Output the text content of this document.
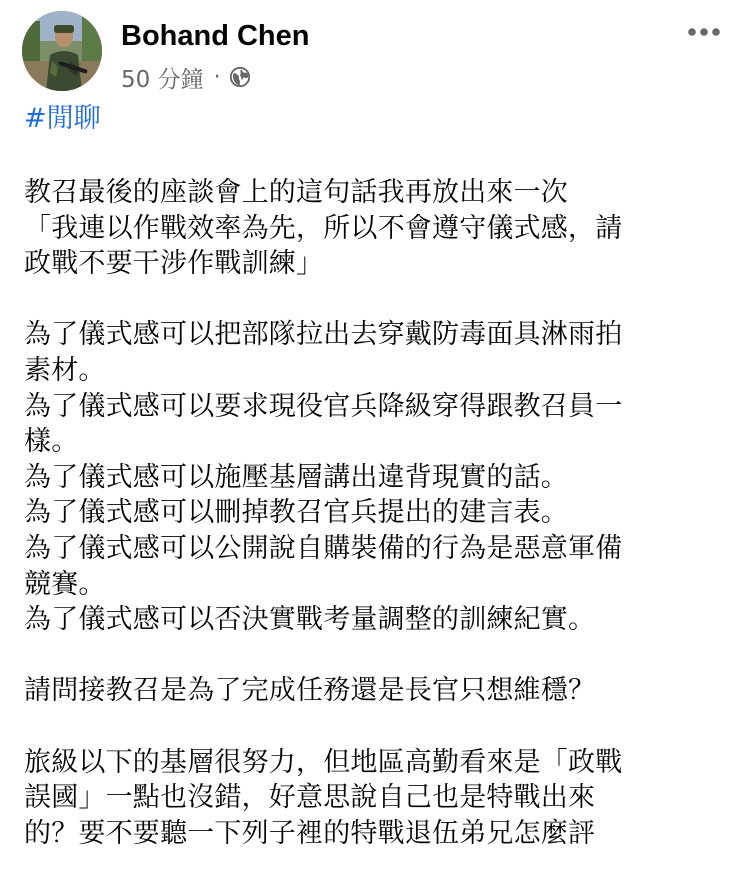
Bohand Chen
50 分鐘 ·
#閒聊
教召最後的座談會上的這句話我再放出來一次
「我連以作戰效率為先，所以不會遵守儀式感，請
政戰不要干涉作戰訓練」

為了儀式感可以把部隊拉出去穿戴防毒面具淋雨拍
素材。
為了儀式感可以要求現役官兵降級穿得跟教召員一
樣。
為了儀式感可以施壓基層講出違背現實的話。
為了儀式感可以刪掉教召官兵提出的建言表。
為了儀式感可以公開說自購裝備的行為是惡意軍備
競賽。
為了儀式感可以否決實戰考量調整的訓練紀實。

請問接教召是為了完成任務還是長官只想維穩？

旅級以下的基層很努力，但地區高勤看來是「政戰
誤國」一點也沒錯，好意思說自己也是特戰出來
的？要不要聽一下列子裡的特戰退伍弟兄怎麼評
